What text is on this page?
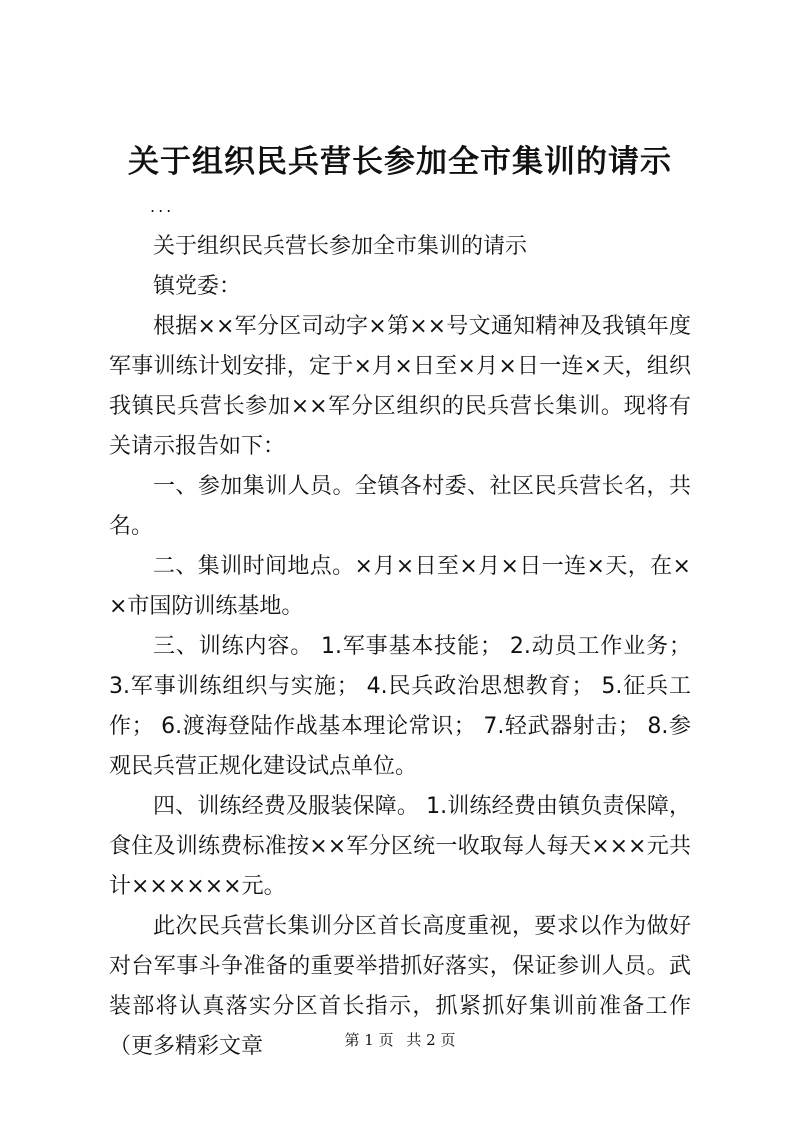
关于组织民兵营长参加全市集训的请示
...

关于组织民兵营长参加全市集训的请示

镇党委：

根据××军分区司动字×第××号文通知精神及我镇年度军事训练计划安排，定于×月×日至×月×日一连×天，组织我镇民兵营长参加××军分区组织的民兵营长集训。现将有关请示报告如下：

一、参加集训人员。全镇各村委、社区民兵营长名，共名。

二、集训时间地点。×月×日至×月×日一连×天，在××市国防训练基地。

三、训练内容。 1.军事基本技能； 2.动员工作业务； 3.军事训练组织与实施； 4.民兵政治思想教育； 5.征兵工作； 6.渡海登陆作战基本理论常识； 7.轻武器射击； 8.参观民兵营正规化建设试点单位。

四、训练经费及服装保障。 1.训练经费由镇负责保障，食住及训练费标准按××军分区统一收取每人每天×××元共计××××××元。

此次民兵营长集训分区首长高度重视，要求以作为做好对台军事斗争准备的重要举措抓好落实，保证参训人员。武装部将认真落实分区首长指示，抓紧抓好集训前准备工作（更多精彩文章	第 1 页 共 2 页
